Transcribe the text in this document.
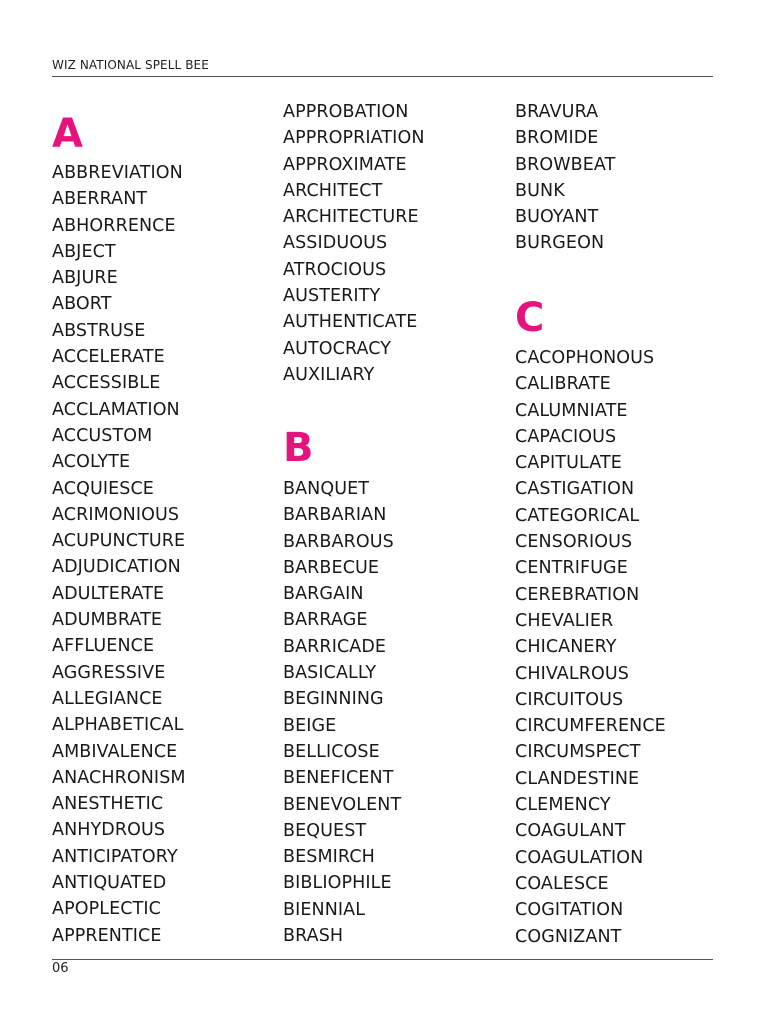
WIZ NATIONAL SPELL BEE
A
ABBREVIATION
ABERRANT
ABHORRENCE
ABJECT
ABJURE
ABORT
ABSTRUSE
ACCELERATE
ACCESSIBLE
ACCLAMATION
ACCUSTOM
ACOLYTE
ACQUIESCE
ACRIMONIOUS
ACUPUNCTURE
ADJUDICATION
ADULTERATE
ADUMBRATE
AFFLUENCE
AGGRESSIVE
ALLEGIANCE
ALPHABETICAL
AMBIVALENCE
ANACHRONISM
ANESTHETIC
ANHYDROUS
ANTICIPATORY
ANTIQUATED
APOPLECTIC
APPRENTICE
APPROBATION
APPROPRIATION
APPROXIMATE
ARCHITECT
ARCHITECTURE
ASSIDUOUS
ATROCIOUS
AUSTERITY
AUTHENTICATE
AUTOCRACY
AUXILIARY
B
BANQUET
BARBARIAN
BARBAROUS
BARBECUE
BARGAIN
BARRAGE
BARRICADE
BASICALLY
BEGINNING
BEIGE
BELLICOSE
BENEFICENT
BENEVOLENT
BEQUEST
BESMIRCH
BIBLIOPHILE
BIENNIAL
BRASH
BRAVURA
BROMIDE
BROWBEAT
BUNK
BUOYANT
BURGEON
C
CACOPHONOUS
CALIBRATE
CALUMNIATE
CAPACIOUS
CAPITULATE
CASTIGATION
CATEGORICAL
CENSORIOUS
CENTRIFUGE
CEREBRATION
CHEVALIER
CHICANERY
CHIVALROUS
CIRCUITOUS
CIRCUMFERENCE
CIRCUMSPECT
CLANDESTINE
CLEMENCY
COAGULANT
COAGULATION
COALESCE
COGITATION
COGNIZANT
06
